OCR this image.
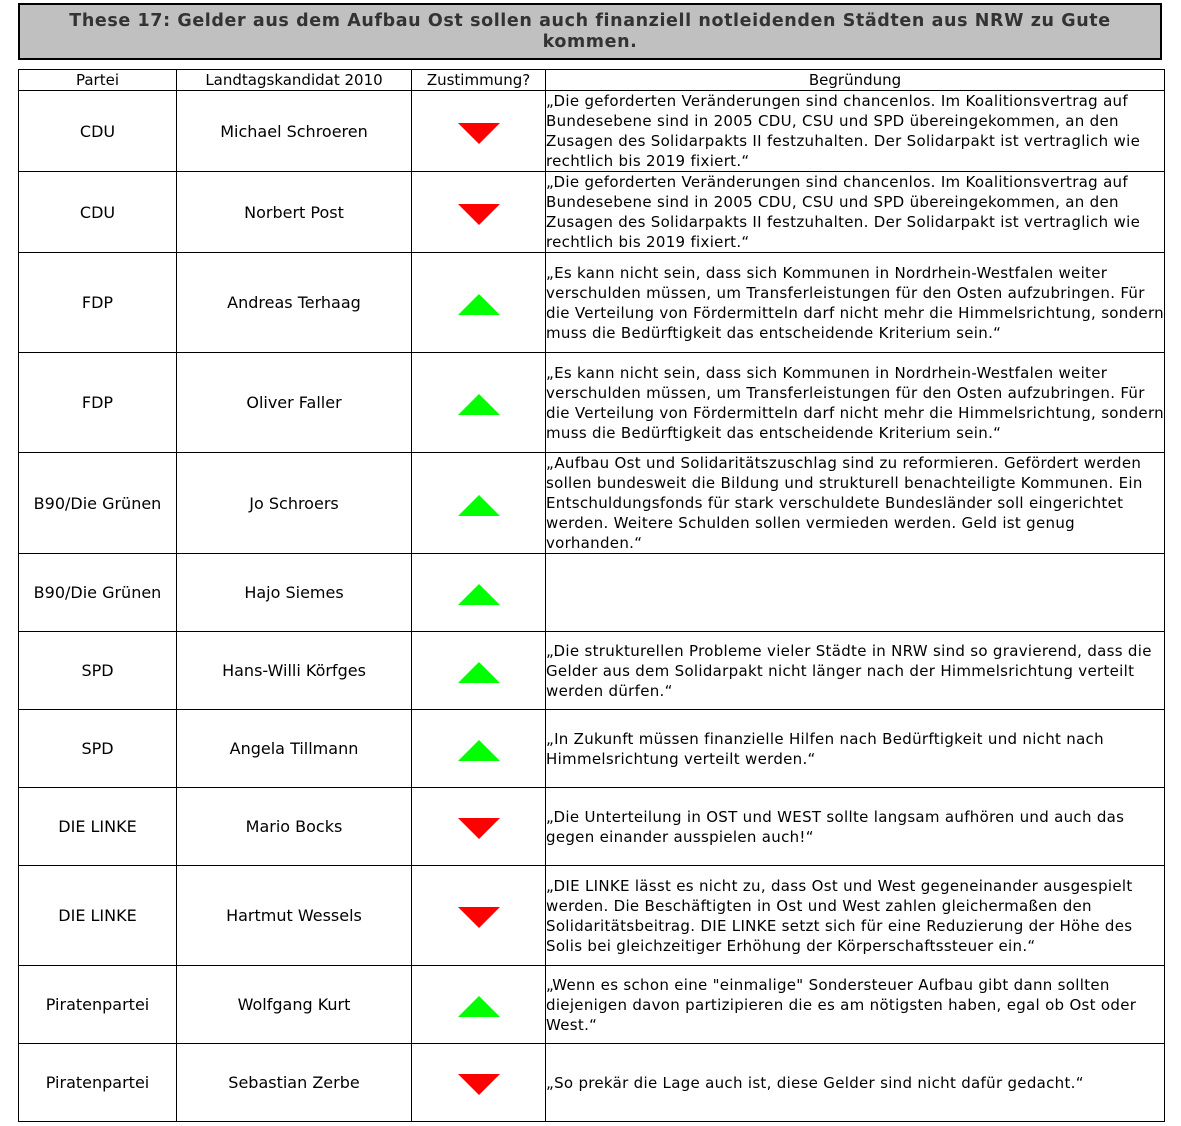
These 17: Gelder aus dem Aufbau Ost sollen auch finanziell notleidenden Städten aus NRW zu Gute kommen.
Partei	Landtagskandidat 2010	Zustimmung?	Begründung
CDU	Michael Schroeren		„Die geforderten Veränderungen sind chancenlos. Im Koalitionsvertrag auf Bundesebene sind in 2005 CDU, CSU und SPD übereingekommen, an den Zusagen des Solidarpakts II festzuhalten. Der Solidarpakt ist vertraglich wie rechtlich bis 2019 fixiert.“
CDU	Norbert Post		„Die geforderten Veränderungen sind chancenlos. Im Koalitionsvertrag auf Bundesebene sind in 2005 CDU, CSU und SPD übereingekommen, an den Zusagen des Solidarpakts II festzuhalten. Der Solidarpakt ist vertraglich wie rechtlich bis 2019 fixiert.“
FDP	Andreas Terhaag		„Es kann nicht sein, dass sich Kommunen in Nordrhein-Westfalen weiter verschulden müssen, um Transferleistungen für den Osten aufzubringen. Für die Verteilung von Fördermitteln darf nicht mehr die Himmelsrichtung, sondern muss die Bedürftigkeit das entscheidende Kriterium sein.“
FDP	Oliver Faller		„Es kann nicht sein, dass sich Kommunen in Nordrhein-Westfalen weiter verschulden müssen, um Transferleistungen für den Osten aufzubringen. Für die Verteilung von Fördermitteln darf nicht mehr die Himmelsrichtung, sondern muss die Bedürftigkeit das entscheidende Kriterium sein.“
B90/Die Grünen	Jo Schroers		„Aufbau Ost und Solidaritätszuschlag sind zu reformieren. Gefördert werden sollen bundesweit die Bildung und strukturell benachteiligte Kommunen. Ein Entschuldungsfonds für stark verschuldete Bundesländer soll eingerichtet werden. Weitere Schulden sollen vermieden werden. Geld ist genug vorhanden.“
B90/Die Grünen	Hajo Siemes		
SPD	Hans-Willi Körfges		„Die strukturellen Probleme vieler Städte in NRW sind so gravierend, dass die Gelder aus dem Solidarpakt nicht länger nach der Himmelsrichtung verteilt werden dürfen.“
SPD	Angela Tillmann		„In Zukunft müssen finanzielle Hilfen nach Bedürftigkeit und nicht nach Himmelsrichtung verteilt werden.“
DIE LINKE	Mario Bocks		„Die Unterteilung in OST und WEST sollte langsam aufhören und auch das gegen einander ausspielen auch!“
DIE LINKE	Hartmut Wessels		„DIE LINKE lässt es nicht zu, dass Ost und West gegeneinander ausgespielt werden. Die Beschäftigten in Ost und West zahlen gleichermaßen den Solidaritätsbeitrag. DIE LINKE setzt sich für eine Reduzierung der Höhe des Solis bei gleichzeitiger Erhöhung der Körperschaftssteuer ein.“
Piratenpartei	Wolfgang Kurt		„Wenn es schon eine "einmalige" Sondersteuer Aufbau gibt dann sollten diejenigen davon partizipieren die es am nötigsten haben, egal ob Ost oder West.“
Piratenpartei	Sebastian Zerbe		„So prekär die Lage auch ist, diese Gelder sind nicht dafür gedacht.“
